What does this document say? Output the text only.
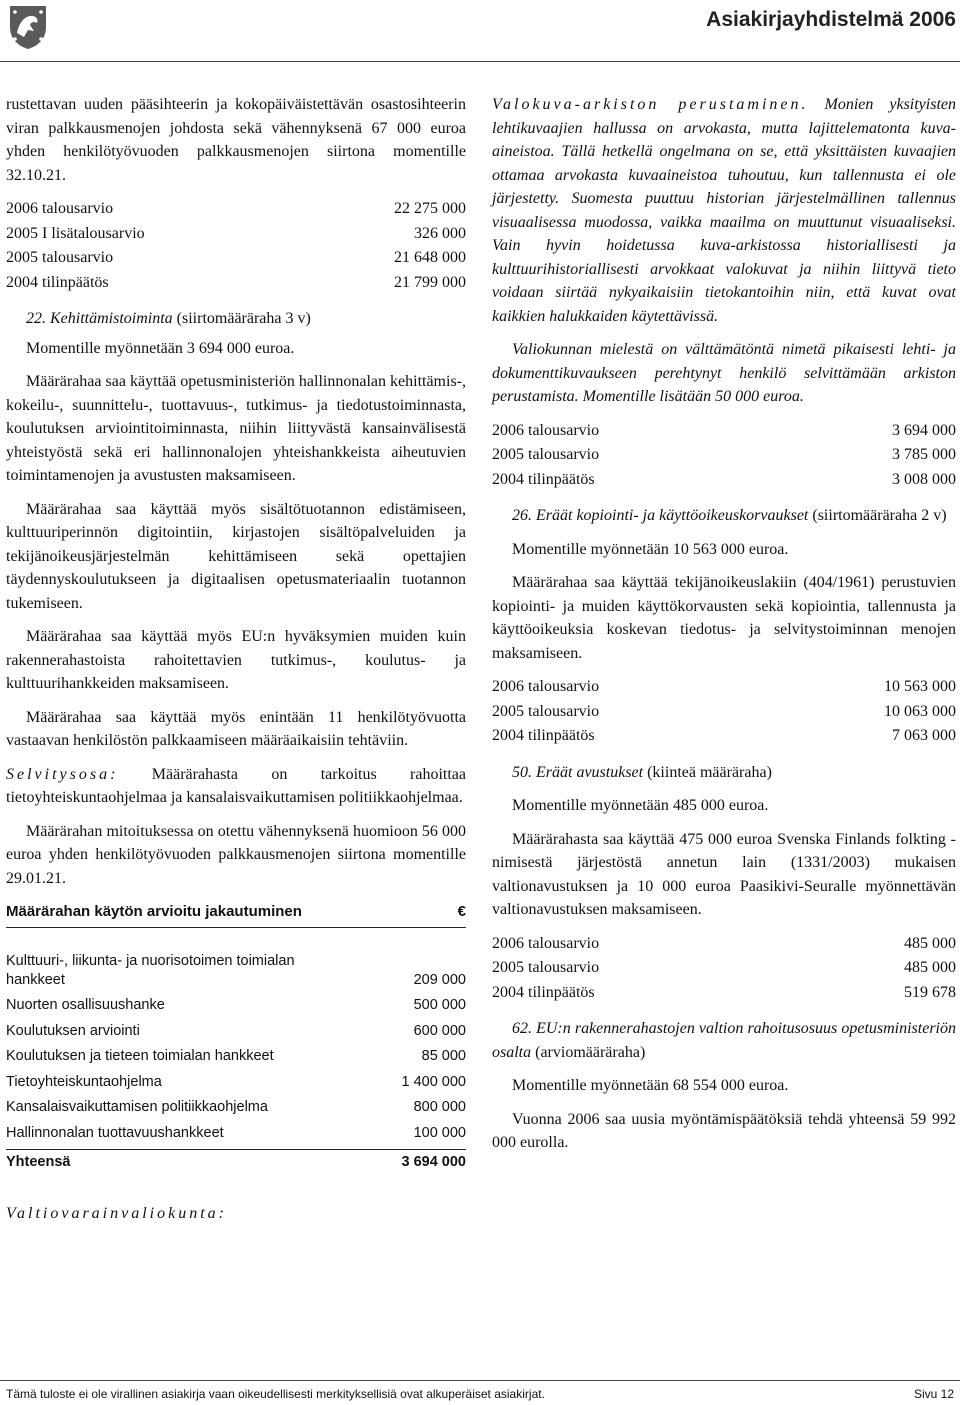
Asiakirjayhdistelmä 2006

rustettavan uuden pääsihteerin ja kokopäiväistettävän osastosihteerin viran palkkausmenojen johdosta sekä vähennyksenä 67 000 euroa yhden henkilötyövuoden palkkausmenojen siirtona momentille 32.10.21.

2006 talousarvio	22 275 000
2005 I lisätalousarvio	326 000
2005 talousarvio	21 648 000
2004 tilinpäätös	21 799 000
22. Kehittämistoiminta (siirtomääräraha 3 v)
Momentille myönnetään 3 694 000 euroa.

Määrärahaa saa käyttää opetusministeriön hallinnonalan kehittämis-, kokeilu-, suunnittelu-, tuottavuus-, tutkimus- ja tiedotustoiminnasta, koulutuksen arviointitoiminnasta, niihin liittyvästä kansainvälisestä yhteistyöstä sekä eri hallinnonalojen yhteishankkeista aiheutuvien toimintamenojen ja avustusten maksamiseen.

Määrärahaa saa käyttää myös sisältötuotannon edistämiseen, kulttuuriperinnön digitointiin, kirjastojen sisältöpalveluiden ja tekijänoikeusjärjestelmän kehittämiseen sekä opettajien täydennyskoulutukseen ja digitaalisen opetusmateriaalin tuotannon tukemiseen.

Määrärahaa saa käyttää myös EU:n hyväksymien muiden kuin rakennerahastoista rahoitettavien tutkimus-, koulutus- ja kulttuurihankkeiden maksamiseen.

Määrärahaa saa käyttää myös enintään 11 henkilötyövuotta vastaavan henkilöstön palkkaamiseen määräaikaisiin tehtäviin.

Selvitysosa: Määrärahasta on tarkoitus rahoittaa tietoyhteiskuntaohjelmaa ja kansalaisvaikuttamisen politiikkaohjelmaa.

Määrärahan mitoituksessa on otettu vähennyksenä huomioon 56 000 euroa yhden henkilötyövuoden palkkausmenojen siirtona momentille 29.01.21.

Määrärahan käytön arvioitu jakautuminen	€
Kulttuuri-, liikunta- ja nuorisotoimen toimialan hankkeet	209 000
Nuorten osallisuushanke	500 000
Koulutuksen arviointi	600 000
Koulutuksen ja tieteen toimialan hankkeet	85 000
Tietoyhteiskuntaohjelma	1 400 000
Kansalaisvaikuttamisen politiikkaohjelma	800 000
Hallinnonalan tuottavuushankkeet	100 000
Yhteensä	3 694 000

Valtiovarainvaliokunta:

Valokuva-arkiston perustaminen. Monien yksityisten lehtikuvaajien hallussa on arvokasta, mutta lajittelematonta kuva-aineistoa. Tällä hetkellä ongelmana on se, että yksittäisten kuvaajien ottamaa arvokasta kuvaaineistoa tuhoutuu, kun tallennusta ei ole järjestetty. Suomesta puuttuu historian järjestelmällinen tallennus visuaalisessa muodossa, vaikka maailma on muuttunut visuaaliseksi. Vain hyvin hoidetussa kuva-arkistossa historiallisesti ja kulttuurihistoriallisesti arvokkaat valokuvat ja niihin liittyvä tieto voidaan siirtää nykyaikaisiin tietokantoihin niin, että kuvat ovat kaikkien halukkaiden käytettävissä.

Valiokunnan mielestä on välttämätöntä nimetä pikaisesti lehti- ja dokumenttikuvaukseen perehtynyt henkilö selvittämään arkiston perustamista. Momentille lisätään 50 000 euroa.

2006 talousarvio	3 694 000
2005 talousarvio	3 785 000
2004 tilinpäätös	3 008 000

26. Eräät kopiointi- ja käyttöoikeuskorvaukset (siirtomääräraha 2 v)

Momentille myönnetään 10 563 000 euroa.

Määrärahaa saa käyttää tekijänoikeuslakiin (404/1961) perustuvien kopiointi- ja muiden käyttökorvausten sekä kopiointia, tallennusta ja käyttöoikeuksia koskevan tiedotus- ja selvitystoiminnan menojen maksamiseen.

2006 talousarvio	10 563 000
2005 talousarvio	10 063 000
2004 tilinpäätös	7 063 000

50. Eräät avustukset (kiinteä määräraha)

Momentille myönnetään 485 000 euroa.

Määrärahasta saa käyttää 475 000 euroa Svenska Finlands folkting -nimisestä järjestöstä annetun lain (1331/2003) mukaisen valtionavustuksen ja 10 000 euroa Paasikivi-Seuralle myönnettävän valtionavustuksen maksamiseen.

2006 talousarvio	485 000
2005 talousarvio	485 000
2004 tilinpäätös	519 678

62. EU:n rakennerahastojen valtion rahoitusosuus opetusministeriön osalta (arviomääräraha)

Momentille myönnetään 68 554 000 euroa.

Vuonna 2006 saa uusia myöntämispäätöksiä tehdä yhteensä 59 992 000 eurolla.

Tämä tuloste ei ole virallinen asiakirja vaan oikeudellisesti merkityksellisiä ovat alkuperäiset asiakirjat.	Sivu 12
